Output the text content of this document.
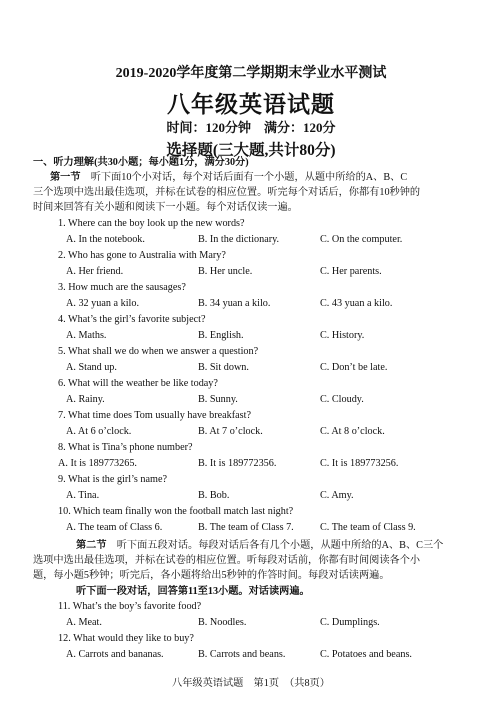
2019-2020学年度第二学期期末学业水平测试
八年级英语试题
时间：120分钟　满分：120分
选择题(三大题,共计80分)
一、听力理解(共30小题；每小题1分，满分30分)
第一节　 听下面10个小对话，每个对话后面有一个小题，从题中所给的A、B、C
三个选项中选出最佳选项，并标在试卷的相应位置。听完每个对话后，你都有10秒钟的
时间来回答有关小题和阅读下一小题。每个对话仅读一遍。
1. Where can the boy look up the new words?
A. In the notebook.	B. In the dictionary.	C. On the computer.
2. Who has gone to Australia with Mary?
A. Her friend.	B. Her uncle.	C. Her parents.
3. How much are the sausages?
A. 32 yuan a kilo.	B. 34 yuan a kilo.	C. 43 yuan a kilo.
4. What’s the girl’s favorite subject?
A. Maths.	B. English.	C. History.
5. What shall we do when we answer a question?
A. Stand up.	B. Sit down.	C. Don’t be late.
6. What will the weather be like today?
A. Rainy.	B. Sunny.	C. Cloudy.
7. What time does Tom usually have breakfast?
A. At 6 o’clock.	B. At 7 o’clock.	C. At 8 o’clock.
8. What is Tina’s phone number?
A. It is 189773265.	B. It is 189772356.	C. It is 189773256.
9. What is the girl’s name?
A. Tina.	B. Bob.	C. Amy.
10. Which team finally won the football match last night?
A. The team of Class 6.	B. The team of Class 7.	C. The team of Class 9.
第二节　 听下面五段对话。每段对话后各有几个小题，从题中所给的A、B、C三个
选项中选出最佳选项，并标在试卷的相应位置。听每段对话前，你都有时间阅读各个小
题，每小题5秒钟；听完后，各小题将给出5秒钟的作答时间。每段对话读两遍。
听下面一段对话，回答第11至13小题。对话读两遍。
11. What’s the boy’s favorite food?
A. Meat.	B. Noodles.	C. Dumplings.
12. What would they like to buy?
A. Carrots and bananas.	B. Carrots and beans.	C. Potatoes and beans.
八年级英语试题　第1页　（共8页）
